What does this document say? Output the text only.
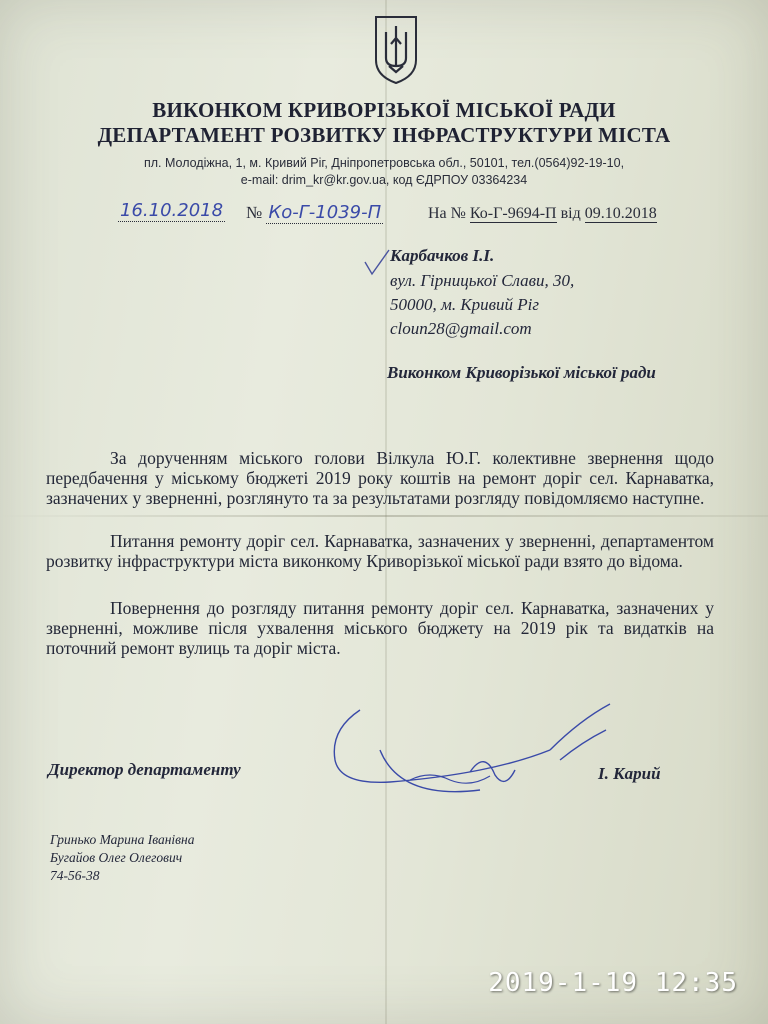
ВИКОНКОМ КРИВОРІЗЬКОЇ МІСЬКОЇ РАДИ
ДЕПАРТАМЕНТ РОЗВИТКУ ІНФРАСТРУКТУРИ МІСТА
пл. Молодіжна, 1, м. Кривий Ріг, Дніпропетровська обл., 50101, тел.(0564)92-19-10,
e-mail: drim_kr@kr.gov.ua, код ЄДРПОУ 03364234
16.10.2018 № Ко-Г-1039-П	На № Ко-Г-9694-П від 09.10.2018
Карбачков І.І.
вул. Гірницької Слави, 30,
50000, м. Кривий Ріг
cloun28@gmail.com
Виконком Криворізької міської ради
За дорученням міського голови Вілкула Ю.Г. колективне звернення щодо передбачення у міському бюджеті 2019 року коштів на ремонт доріг сел. Карнаватка, зазначених у зверненні, розглянуто та за результатами розгляду повідомляємо наступне.
Питання ремонту доріг сел. Карнаватка, зазначених у зверненні, департаментом розвитку інфраструктури міста виконкому Криворізької міської ради взято до відома.
Повернення до розгляду питання ремонту доріг сел. Карнаватка, зазначених у зверненні, можливе після ухвалення міського бюджету на 2019 рік та видатків на поточний ремонт вулиць та доріг міста.
Директор департаменту	І. Карий
Гринько Марина Іванівна
Бугайов Олег Олегович
74-56-38
2019-1-19 12:35
